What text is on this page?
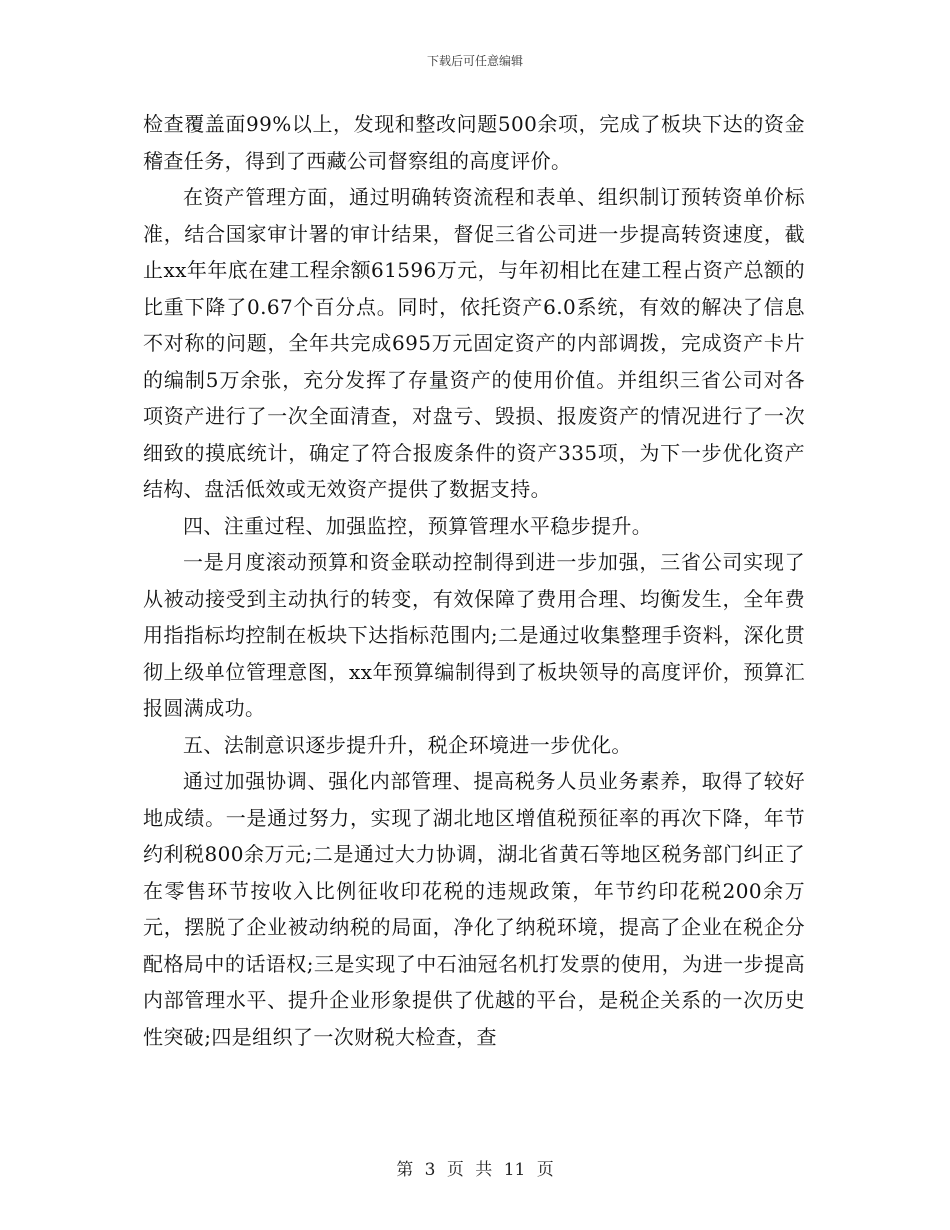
下载后可任意编辑

检查覆盖面99%以上，发现和整改问题500余项，完成了板块下达的资金稽查任务，得到了西藏公司督察组的高度评价。

在资产管理方面，通过明确转资流程和表单、组织制订预转资单价标准，结合国家审计署的审计结果，督促三省公司进一步提高转资速度，截止xx年年底在建工程余额61596万元，与年初相比在建工程占资产总额的比重下降了0.67个百分点。同时，依托资产6.0系统，有效的解决了信息不对称的问题，全年共完成695万元固定资产的内部调拨，完成资产卡片的编制5万余张，充分发挥了存量资产的使用价值。并组织三省公司对各项资产进行了一次全面清查，对盘亏、毁损、报废资产的情况进行了一次细致的摸底统计，确定了符合报废条件的资产335项，为下一步优化资产结构、盘活低效或无效资产提供了数据支持。

四、注重过程、加强监控，预算管理水平稳步提升。

一是月度滚动预算和资金联动控制得到进一步加强，三省公司实现了从被动接受到主动执行的转变，有效保障了费用合理、均衡发生，全年费用指指标均控制在板块下达指标范围内;二是通过收集整理手资料，深化贯彻上级单位管理意图，xx年预算编制得到了板块领导的高度评价，预算汇报圆满成功。

五、法制意识逐步提升升，税企环境进一步优化。

通过加强协调、强化内部管理、提高税务人员业务素养，取得了较好地成绩。一是通过努力，实现了湖北地区增值税预征率的再次下降，年节约利税800余万元;二是通过大力协调，湖北省黄石等地区税务部门纠正了在零售环节按收入比例征收印花税的违规政策，年节约印花税200余万元，摆脱了企业被动纳税的局面，净化了纳税环境，提高了企业在税企分配格局中的话语权;三是实现了中石油冠名机打发票的使用，为进一步提高内部管理水平、提升企业形象提供了优越的平台，是税企关系的一次历史性突破;四是组织了一次财税大检查，查

第 3 页 共 11 页
